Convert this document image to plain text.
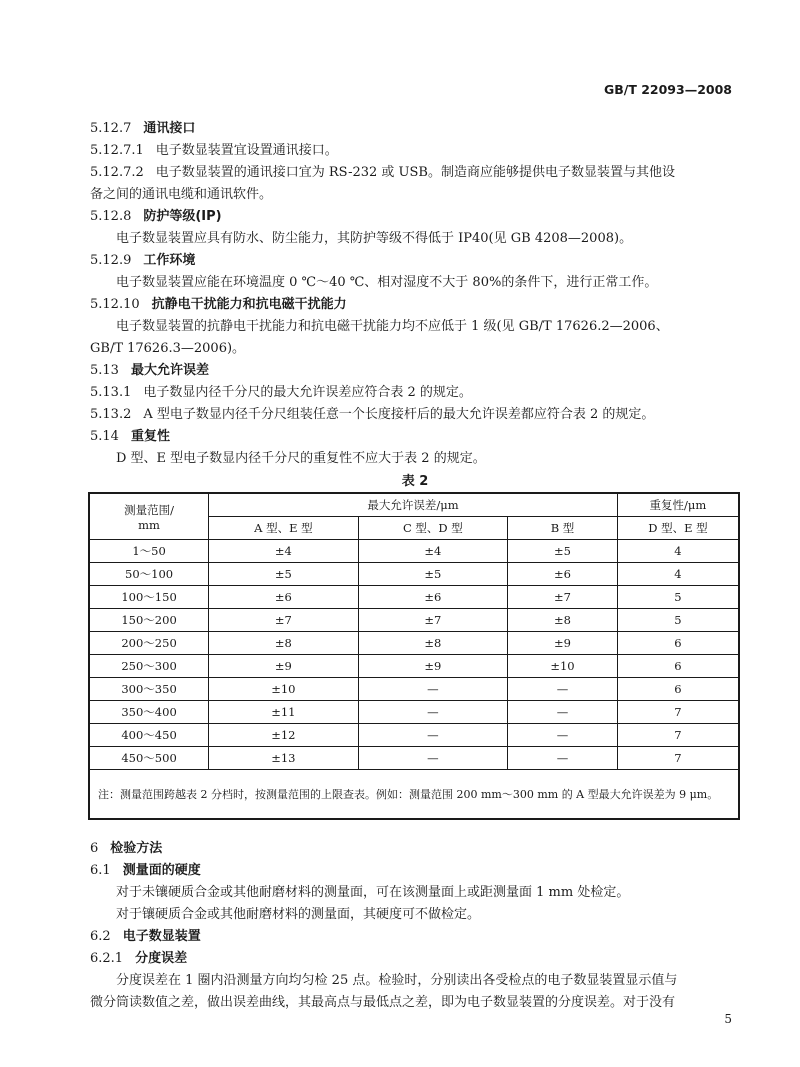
GB/T 22093—2008
5.12.7 通讯接口
5.12.7.1 电子数显装置宜设置通讯接口。
5.12.7.2 电子数显装置的通讯接口宜为 RS-232 或 USB。制造商应能够提供电子数显装置与其他设
备之间的通讯电缆和通讯软件。
5.12.8 防护等级(IP)
电子数显装置应具有防水、防尘能力，其防护等级不得低于 IP40(见 GB 4208—2008)。
5.12.9 工作环境
电子数显装置应能在环境温度 0 ℃～40 ℃、相对湿度不大于 80%的条件下，进行正常工作。
5.12.10 抗静电干扰能力和抗电磁干扰能力
电子数显装置的抗静电干扰能力和抗电磁干扰能力均不应低于 1 级(见 GB/T 17626.2—2006、
GB/T 17626.3—2006)。
5.13 最大允许误差
5.13.1 电子数显内径千分尺的最大允许误差应符合表 2 的规定。
5.13.2 A 型电子数显内径千分尺组装任意一个长度接杆后的最大允许误差都应符合表 2 的规定。
5.14 重复性
D 型、E 型电子数显内径千分尺的重复性不应大于表 2 的规定。
表 2
测量范围/
mm	最大允许误差/μm			重复性/μm
	A 型、E 型	C 型、D 型	B 型	D 型、E 型
1～50	±4	±4	±5	4
50～100	±5	±5	±6	4
100～150	±6	±6	±7	5
150～200	±7	±7	±8	5
200～250	±8	±8	±9	6
250～300	±9	±9	±10	6
300～350	±10	—	—	6
350～400	±11	—	—	7
400～450	±12	—	—	7
450～500	±13	—	—	7
注：测量范围跨越表 2 分档时，按测量范围的上限查表。例如：测量范围 200 mm～300 mm 的 A 型最大允许误差为 9 μm。				
6 检验方法
6.1 测量面的硬度
对于未镶硬质合金或其他耐磨材料的测量面，可在该测量面上或距测量面 1 mm 处检定。
对于镶硬质合金或其他耐磨材料的测量面，其硬度可不做检定。
6.2 电子数显装置
6.2.1 分度误差
分度误差在 1 圈内沿测量方向均匀检 25 点。检验时，分别读出各受检点的电子数显装置显示值与
微分筒读数值之差，做出误差曲线，其最高点与最低点之差，即为电子数显装置的分度误差。对于没有
5
